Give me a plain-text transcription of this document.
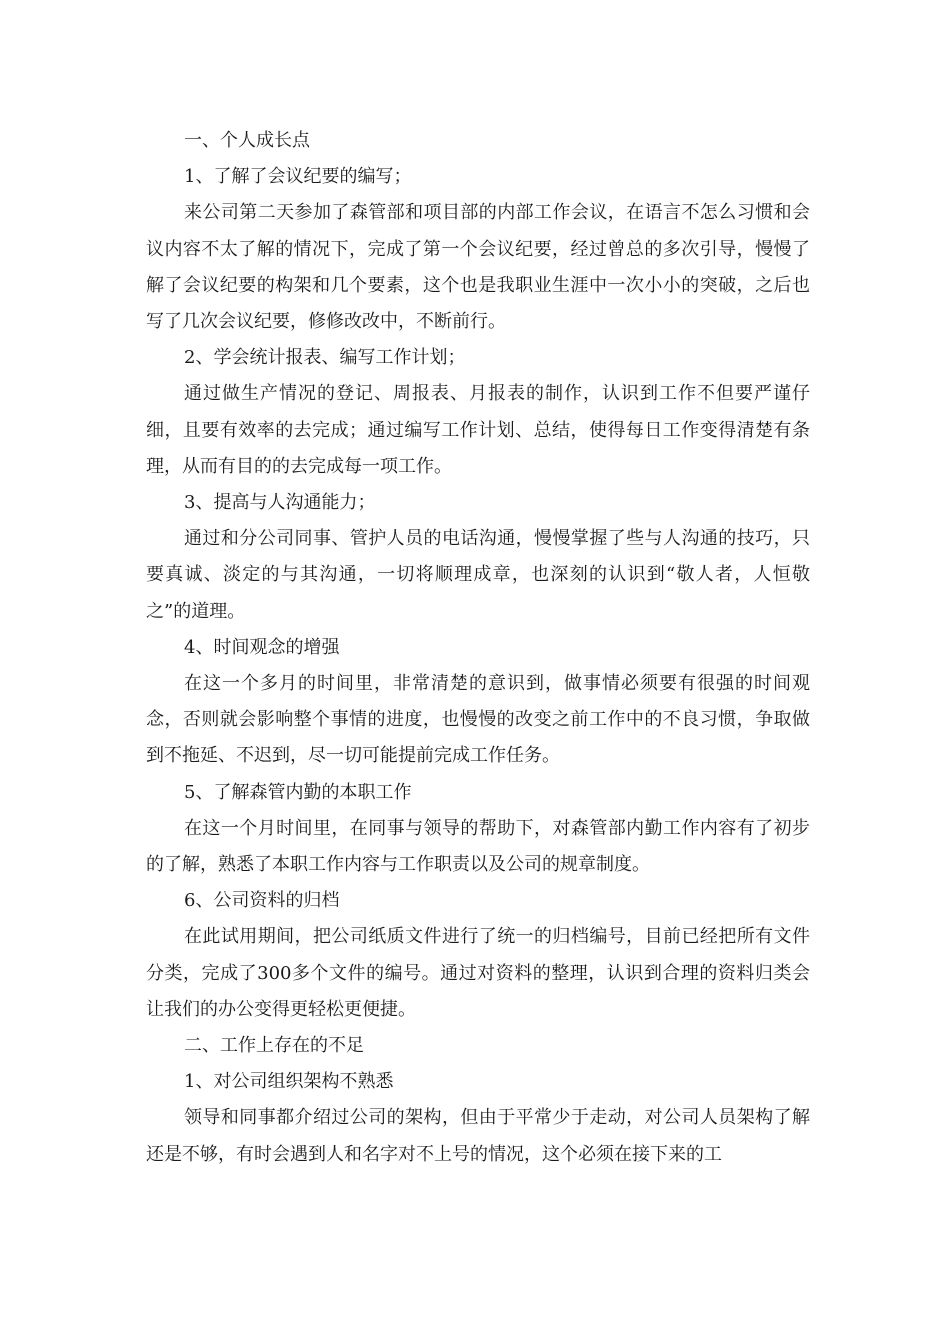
一、个人成长点

1、了解了会议纪要的编写；

来公司第二天参加了森管部和项目部的内部工作会议，在语言不怎么习惯和会议内容不太了解的情况下，完成了第一个会议纪要，经过曾总的多次引导，慢慢了解了会议纪要的构架和几个要素，这个也是我职业生涯中一次小小的突破，之后也写了几次会议纪要，修修改改中，不断前行。

2、学会统计报表、编写工作计划；

通过做生产情况的登记、周报表、月报表的制作，认识到工作不但要严谨仔细，且要有效率的去完成；通过编写工作计划、总结，使得每日工作变得清楚有条理，从而有目的的去完成每一项工作。

3、提高与人沟通能力；

通过和分公司同事、管护人员的电话沟通，慢慢掌握了些与人沟通的技巧，只要真诚、淡定的与其沟通，一切将顺理成章，也深刻的认识到“敬人者，人恒敬之”的道理。

4、时间观念的增强

在这一个多月的时间里，非常清楚的意识到，做事情必须要有很强的时间观念，否则就会影响整个事情的进度，也慢慢的改变之前工作中的不良习惯，争取做到不拖延、不迟到，尽一切可能提前完成工作任务。

5、了解森管内勤的本职工作

在这一个月时间里，在同事与领导的帮助下，对森管部内勤工作内容有了初步的了解，熟悉了本职工作内容与工作职责以及公司的规章制度。

6、公司资料的归档

在此试用期间，把公司纸质文件进行了统一的归档编号，目前已经把所有文件分类，完成了300多个文件的编号。通过对资料的整理，认识到合理的资料归类会让我们的办公变得更轻松更便捷。

二、工作上存在的不足

1、对公司组织架构不熟悉

领导和同事都介绍过公司的架构，但由于平常少于走动，对公司人员架构了解还是不够，有时会遇到人和名字对不上号的情况，这个必须在接下来的工
